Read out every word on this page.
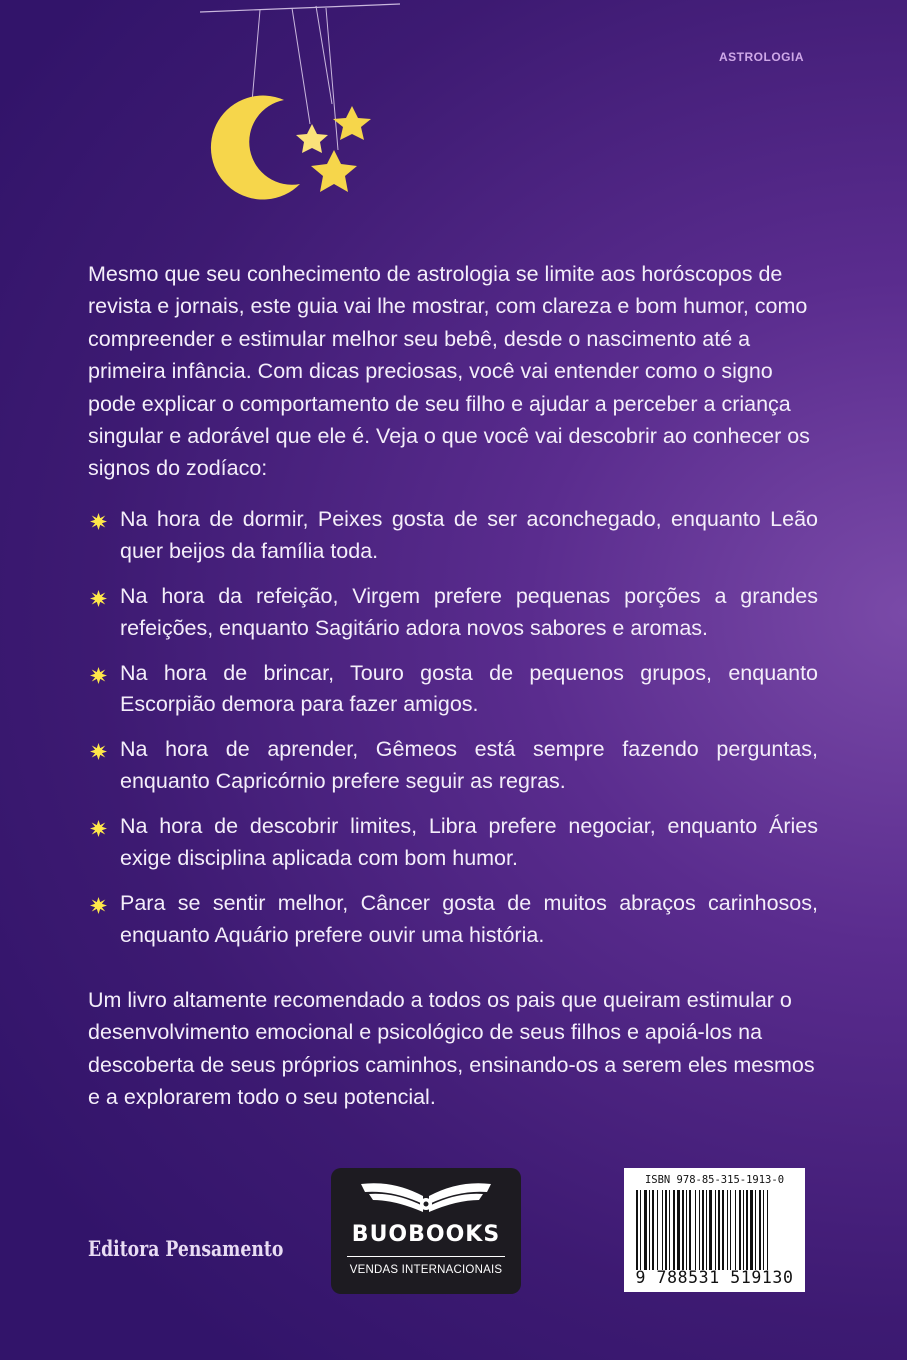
ASTROLOGIA

Mesmo que seu conhecimento de astrologia se limite aos horóscopos de revista e jornais, este guia vai lhe mostrar, com clareza e bom humor, como compreender e estimular melhor seu bebê, desde o nascimento até a primeira infância. Com dicas preciosas, você vai entender como o signo pode explicar o comportamento de seu filho e ajudar a perceber a criança singular e adorável que ele é. Veja o que você vai descobrir ao conhecer os signos do zodíaco:

Na hora de dormir, Peixes gosta de ser aconchegado, enquanto Leão quer beijos da família toda.
Na hora da refeição, Virgem prefere pequenas porções a grandes refeições, enquanto Sagitário adora novos sabores e aromas.
Na hora de brincar, Touro gosta de pequenos grupos, enquanto Escorpião demora para fazer amigos.
Na hora de aprender, Gêmeos está sempre fazendo perguntas, enquanto Capricórnio prefere seguir as regras.
Na hora de descobrir limites, Libra prefere negociar, enquanto Áries exige disciplina aplicada com bom humor.
Para se sentir melhor, Câncer gosta de muitos abraços carinhosos, enquanto Aquário prefere ouvir uma história.

Um livro altamente recomendado a todos os pais que queiram estimular o desenvolvimento emocional e psicológico de seus filhos e apoiá-los na descoberta de seus próprios caminhos, ensinando-os a serem eles mesmos e a explorarem todo o seu potencial.

Editora Pensamento
BUOBOOKS
VENDAS INTERNACIONAIS
ISBN 978-85-315-1913-0
9 788531 519130
